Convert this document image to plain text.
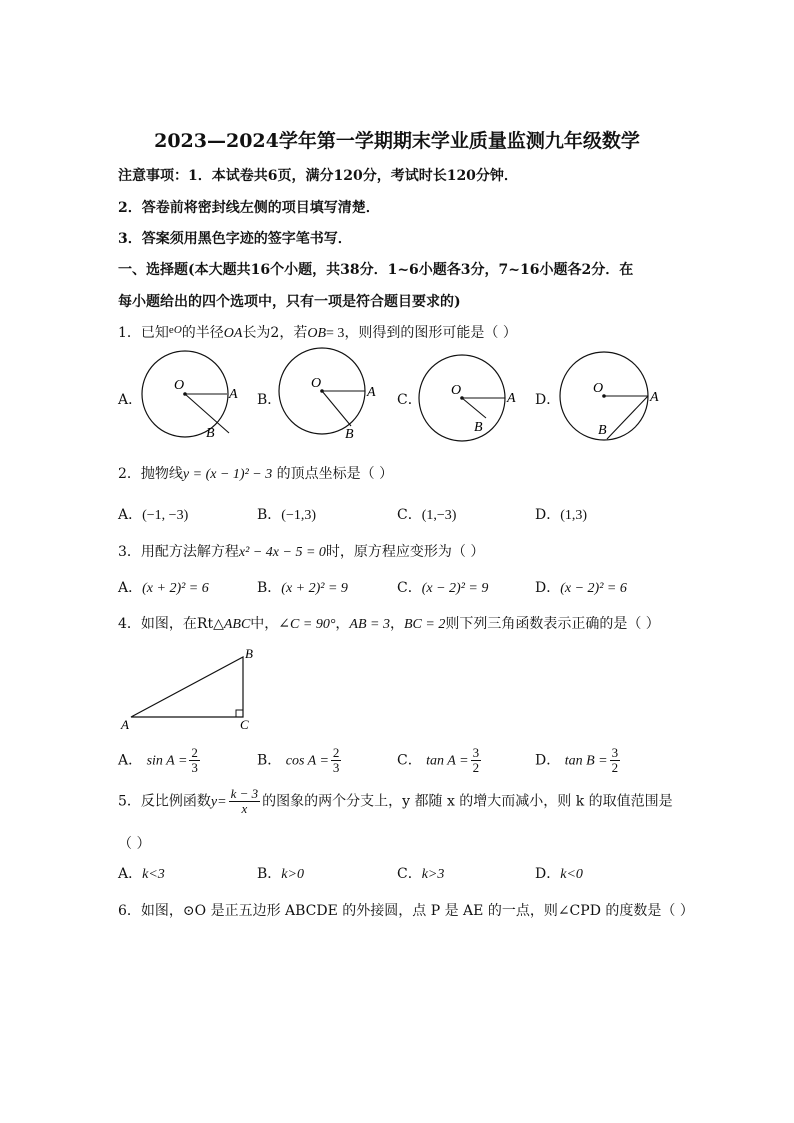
2023—2024学年第一学期期末学业质量监测九年级数学
注意事项：1．本试卷共6页，满分120分，考试时长120分钟．
2．答卷前将密封线左侧的项目填写清楚．
3．答案须用黑色字迹的签字笔书写．
一、选择题(本大题共16个小题，共38分．1~6小题各3分，7~16小题各2分．在
每小题给出的四个选项中，只有一项是符合题目要求的)
1．已知$^{eO}$的半径OA长为2，若OB= 3，则得到的图形可能是（ ）
A．	B．	C．	D．
O
A
B
O
A
B
O
A
B
O
A
B
2．抛物线y = (x − 1)² − 3 的顶点坐标是（ ）
A．(−1, −3)	B．(−1,3)	C．(1,−3)	D．(1,3)
3．用配方法解方程x² − 4x − 5 = 0时，原方程应变形为（ ）
A．(x + 2)² = 6	B．(x + 2)² = 9	C．(x − 2)² = 9	D．(x − 2)² = 6
4．如图，在Rt△ABC中，∠C = 90°，AB = 3，BC = 2则下列三角函数表示正确的是（ ）
A
B
C
A． $\sin A = \frac{2}{3}$	B． $\cos A = \frac{2}{3}$	C． $\tan A = \frac{3}{2}$	D． $\tan B = \frac{3}{2}$
5．反比例函数$y= \frac{k - 3}{x}$ 的图象的两个分支上，y 都随 x 的增大而减小，则 k 的取值范围是
（ ）
A．k<3	B．k>0	C．k>3	D．k<0
6．如图，⊙O 是正五边形 ABCDE 的外接圆，点 P 是 AE 的一点，则∠CPD 的度数是（ ）
